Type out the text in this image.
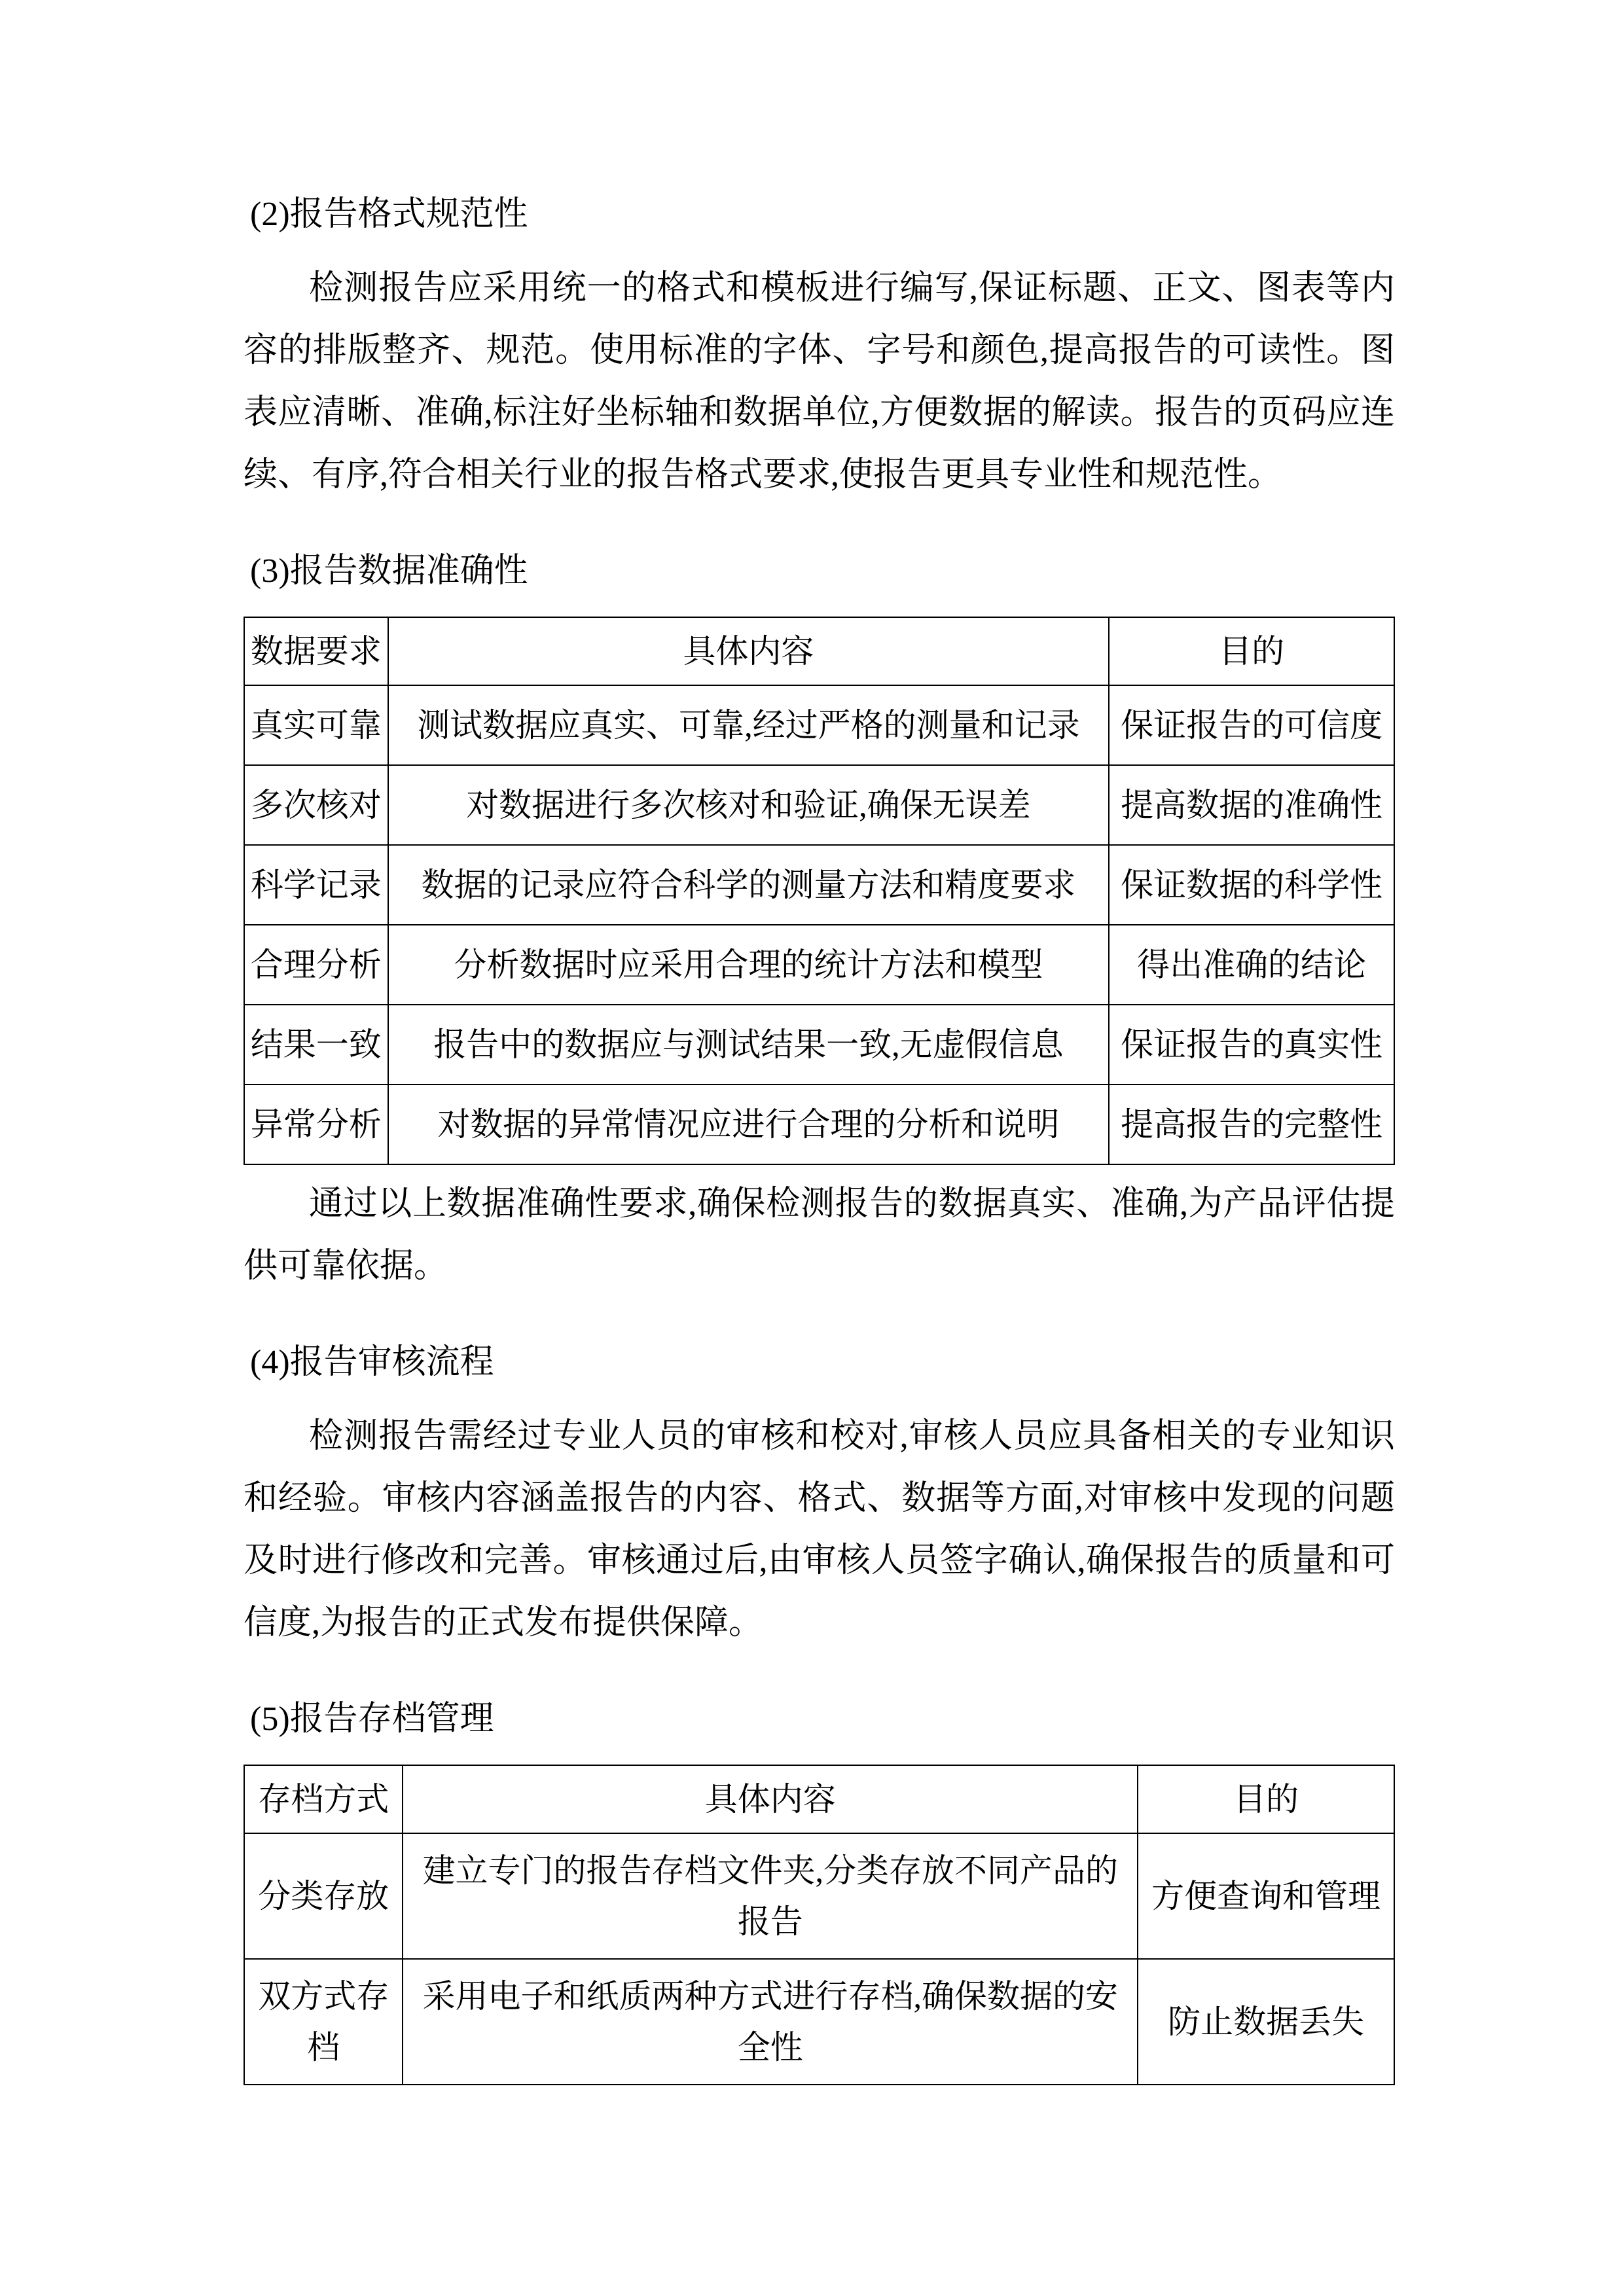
(2)报告格式规范性

检测报告应采用统一的格式和模板进行编写,保证标题、正文、图表等内容的排版整齐、规范。使用标准的字体、字号和颜色,提高报告的可读性。图表应清晰、准确,标注好坐标轴和数据单位,方便数据的解读。报告的页码应连续、有序,符合相关行业的报告格式要求,使报告更具专业性和规范性。

(3)报告数据准确性
数据要求	具体内容	目的
真实可靠	测试数据应真实、可靠,经过严格的测量和记录	保证报告的可信度
多次核对	对数据进行多次核对和验证,确保无误差	提高数据的准确性
科学记录	数据的记录应符合科学的测量方法和精度要求	保证数据的科学性
合理分析	分析数据时应采用合理的统计方法和模型	得出准确的结论
结果一致	报告中的数据应与测试结果一致,无虚假信息	保证报告的真实性
异常分析	对数据的异常情况应进行合理的分析和说明	提高报告的完整性

通过以上数据准确性要求,确保检测报告的数据真实、准确,为产品评估提供可靠依据。

(4)报告审核流程

检测报告需经过专业人员的审核和校对,审核人员应具备相关的专业知识和经验。审核内容涵盖报告的内容、格式、数据等方面,对审核中发现的问题及时进行修改和完善。审核通过后,由审核人员签字确认,确保报告的质量和可信度,为报告的正式发布提供保障。

(5)报告存档管理
存档方式	具体内容	目的
分类存放	建立专门的报告存档文件夹,分类存放不同产品的报告	方便查询和管理
双方式存档	采用电子和纸质两种方式进行存档,确保数据的安全性	防止数据丢失
